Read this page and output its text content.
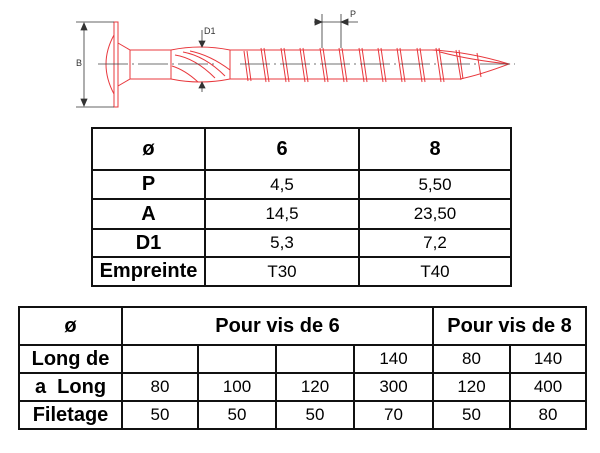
B
D1
P
ø	6	8
P	4,5	5,50
A	14,5	23,50
D1	5,3	7,2
Empreinte	T30	T40
ø	Pour vis de 6				Pour vis de 8	
Long de				140	80	140
a  Long	80	100	120	300	120	400
Filetage	50	50	50	70	50	80
